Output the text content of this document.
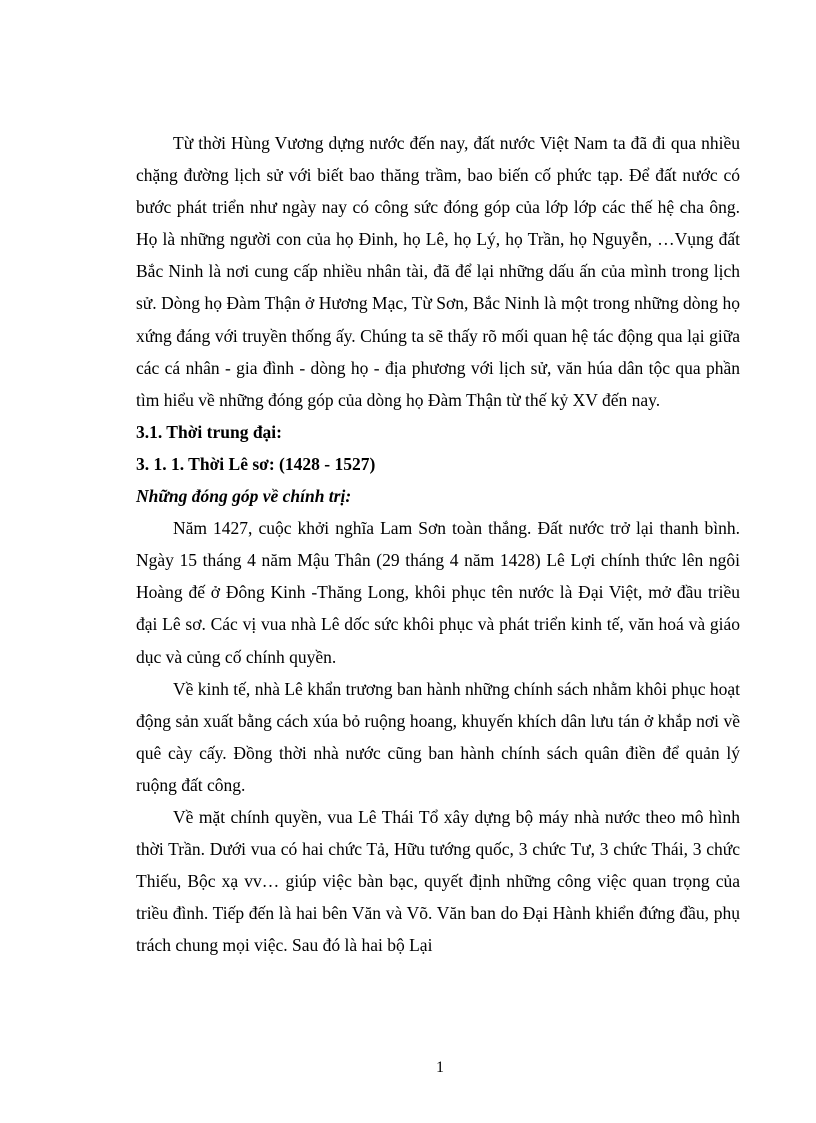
Từ thời Hùng Vương dựng nước đến nay, đất nước Việt Nam ta đã đi qua nhiều chặng đường lịch sử với biết bao thăng trầm, bao biến cố phức tạp. Để đất nước có bước phát triển như ngày nay có công sức đóng góp của lớp lớp các thế hệ cha ông. Họ là những người con của họ Đinh, họ Lê, họ Lý, họ Trần, họ Nguyễn, …Vụng đất Bắc Ninh là nơi cung cấp nhiều nhân tài, đã để lại những dấu ấn của mình trong lịch sử. Dòng họ Đàm Thận ở Hương Mạc, Từ Sơn, Bắc Ninh là một trong những dòng họ xứng đáng với truyền thống ấy. Chúng ta sẽ thấy rõ mối quan hệ tác động qua lại giữa các cá nhân - gia đình - dòng họ - địa phương với lịch sử, văn húa dân tộc qua phần tìm hiểu về những đóng góp của dòng họ Đàm Thận từ thế kỷ XV đến nay.

3.1. Thời trung đại:

3. 1. 1. Thời Lê sơ: (1428 - 1527)

Những đóng góp về chính trị:

Năm 1427, cuộc khởi nghĩa Lam Sơn toàn thắng. Đất nước trở lại thanh bình. Ngày 15 tháng 4 năm Mậu Thân (29 tháng 4 năm 1428) Lê Lợi chính thức lên ngôi Hoàng đế ở Đông Kinh -Thăng Long, khôi phục tên nước là Đại Việt, mở đầu triều đại Lê sơ. Các vị vua nhà Lê dốc sức khôi phục và phát triển kinh tế, văn hoá và giáo dục và củng cố chính quyền.

Về kinh tế, nhà Lê khẩn trương ban hành những chính sách nhằm khôi phục hoạt động sản xuất bằng cách xúa bỏ ruộng hoang, khuyến khích dân lưu tán ở khắp nơi về quê cày cấy. Đồng thời nhà nước cũng ban hành chính sách quân điền để quản lý ruộng đất công.

Về mặt chính quyền, vua Lê Thái Tổ xây dựng bộ máy nhà nước theo mô hình thời Trần. Dưới vua có hai chức Tả, Hữu tướng quốc, 3 chức Tư, 3 chức Thái, 3 chức Thiếu, Bộc xạ vv… giúp việc bàn bạc, quyết định những công việc quan trọng của triều đình. Tiếp đến là hai bên Văn và Võ. Văn ban do Đại Hành khiển đứng đầu, phụ trách chung mọi việc. Sau đó là hai bộ Lại

1
